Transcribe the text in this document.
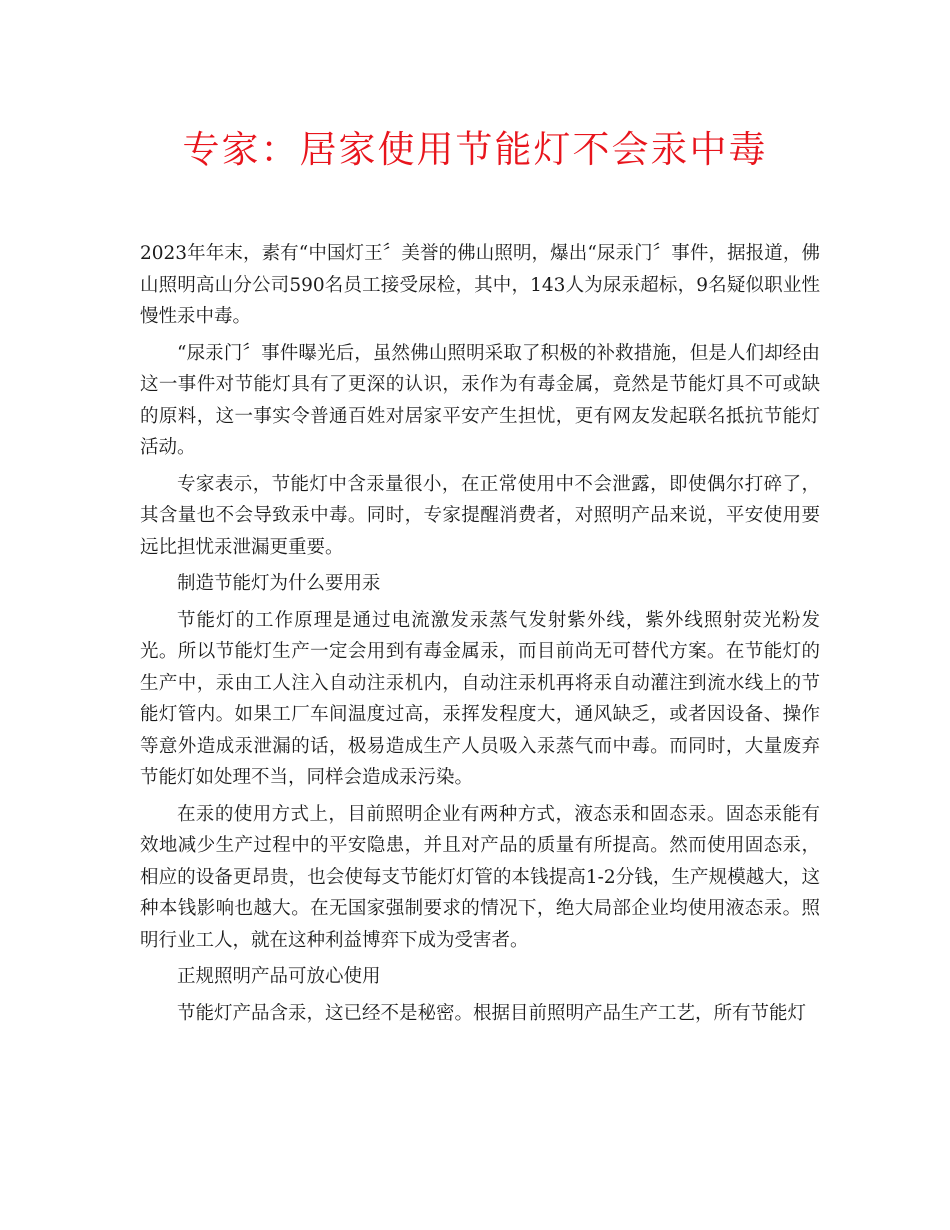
专家：居家使用节能灯不会汞中毒

2023年年末，素有“中国灯王〞美誉的佛山照明，爆出“尿汞门〞事件，据报道，佛山照明高山分公司590名员工接受尿检，其中，143人为尿汞超标，9名疑似职业性慢性汞中毒。

“尿汞门〞事件曝光后，虽然佛山照明采取了积极的补救措施，但是人们却经由这一事件对节能灯具有了更深的认识，汞作为有毒金属，竟然是节能灯具不可或缺的原料，这一事实令普通百姓对居家平安产生担忧，更有网友发起联名抵抗节能灯活动。

专家表示，节能灯中含汞量很小，在正常使用中不会泄露，即使偶尔打碎了，其含量也不会导致汞中毒。同时，专家提醒消费者，对照明产品来说，平安使用要远比担忧汞泄漏更重要。

制造节能灯为什么要用汞

节能灯的工作原理是通过电流激发汞蒸气发射紫外线，紫外线照射荧光粉发光。所以节能灯生产一定会用到有毒金属汞，而目前尚无可替代方案。在节能灯的生产中，汞由工人注入自动注汞机内，自动注汞机再将汞自动灌注到流水线上的节能灯管内。如果工厂车间温度过高，汞挥发程度大，通风缺乏，或者因设备、操作等意外造成汞泄漏的话，极易造成生产人员吸入汞蒸气而中毒。而同时，大量废弃节能灯如处理不当，同样会造成汞污染。

在汞的使用方式上，目前照明企业有两种方式，液态汞和固态汞。固态汞能有效地减少生产过程中的平安隐患，并且对产品的质量有所提高。然而使用固态汞，相应的设备更昂贵，也会使每支节能灯灯管的本钱提高1-2分钱，生产规模越大，这种本钱影响也越大。在无国家强制要求的情况下，绝大局部企业均使用液态汞。照明行业工人，就在这种利益博弈下成为受害者。

正规照明产品可放心使用

节能灯产品含汞，这已经不是秘密。根据目前照明产品生产工艺，所有节能灯
